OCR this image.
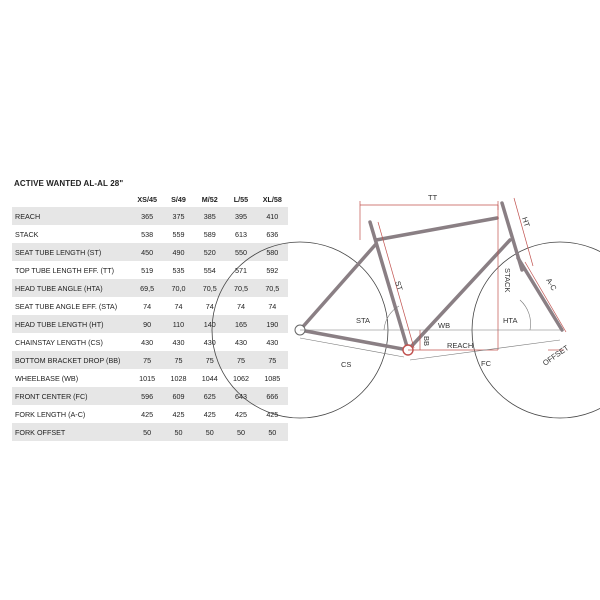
ACTIVE WANTED AL-AL 28"
	XS/45	S/49	M/52	L/55	XL/58
REACH	365	375	385	395	410
STACK	538	559	589	613	636
SEAT TUBE LENGTH (ST)	450	490	520	550	580
TOP TUBE LENGTH EFF. (TT)	519	535	554	571	592
HEAD TUBE ANGLE (HTA)	69,5	70,0	70,5	70,5	70,5
SEAT TUBE ANGLE EFF. (STA)	74	74	74	74	74
HEAD TUBE LENGTH (HT)	90	110	140	165	190
CHAINSTAY LENGTH (CS)	430	430	430	430	430
BOTTOM BRACKET DROP (BB)	75	75	75	75	75
WHEELBASE (WB)	1015	1028	1044	1062	1085
FRONT CENTER (FC)	596	609	625	643	666
FORK LENGTH (A-C)	425	425	425	425	425
FORK OFFSET	50	50	50	50	50
TT
HT
ST	STACK	A-C
STA	HTA
WB
BB REACH
CS	FC	OFFSET
